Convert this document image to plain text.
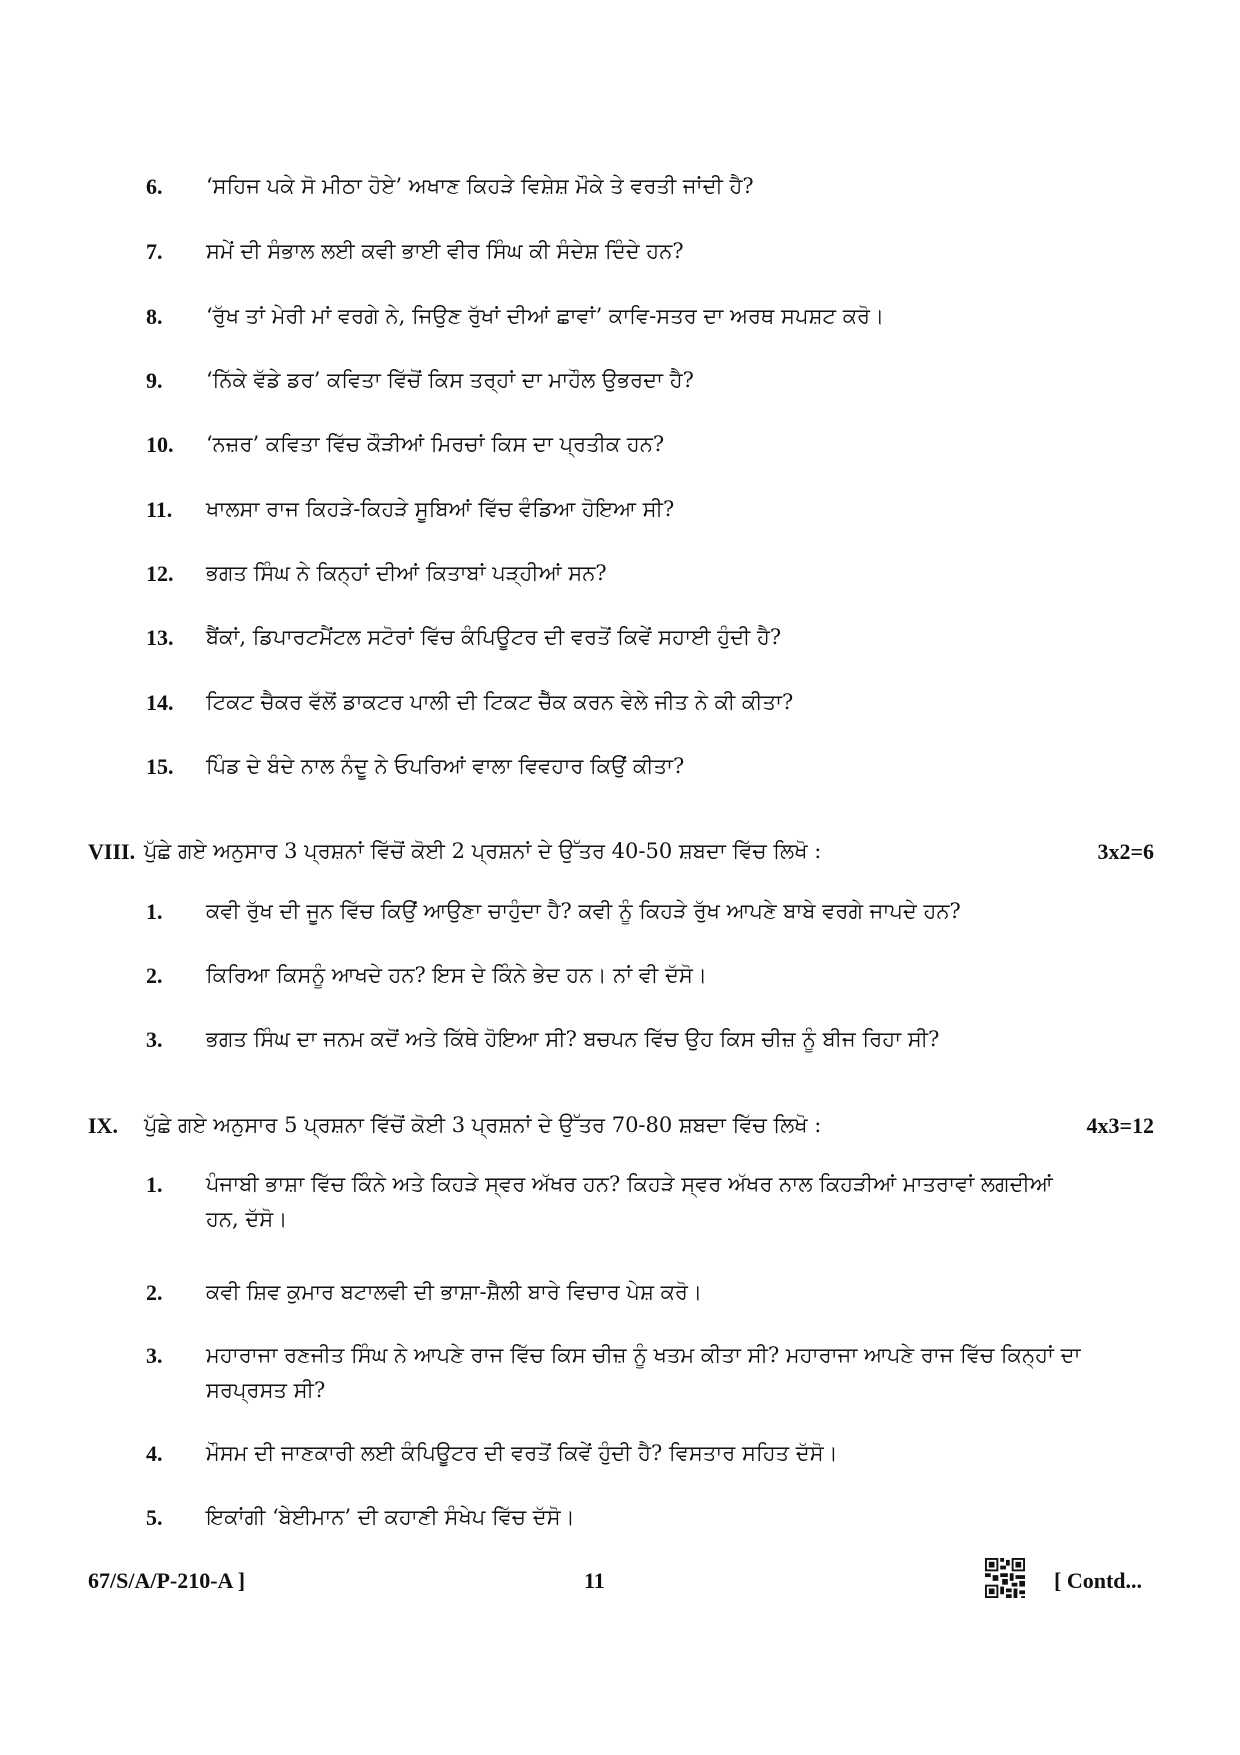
6. ‘ਸਹਿਜ ਪਕੇ ਸੋ ਮੀਠਾ ਹੋਏ’ ਅਖਾਣ ਕਿਹੜੇ ਵਿਸ਼ੇਸ਼ ਮੌਕੇ ਤੇ ਵਰਤੀ ਜਾਂਦੀ ਹੈ?
7. ਸਮੇਂ ਦੀ ਸੰਭਾਲ ਲਈ ਕਵੀ ਭਾਈ ਵੀਰ ਸਿੰਘ ਕੀ ਸੰਦੇਸ਼ ਦਿੰਦੇ ਹਨ?
8. ‘ਰੁੱਖ ਤਾਂ ਮੇਰੀ ਮਾਂ ਵਰਗੇ ਨੇ, ਜਿਉਣ ਰੁੱਖਾਂ ਦੀਆਂ ਛਾਵਾਂ’ ਕਾਵਿ-ਸਤਰ ਦਾ ਅਰਥ ਸਪਸ਼ਟ ਕਰੋ।
9. ‘ਨਿੱਕੇ ਵੱਡੇ ਡਰ’ ਕਵਿਤਾ ਵਿੱਚੋਂ ਕਿਸ ਤਰ੍ਹਾਂ ਦਾ ਮਾਹੌਲ ਉਭਰਦਾ ਹੈ?
10. ‘ਨਜ਼ਰ’ ਕਵਿਤਾ ਵਿੱਚ ਕੌੜੀਆਂ ਮਿਰਚਾਂ ਕਿਸ ਦਾ ਪ੍ਰਤੀਕ ਹਨ?
11. ਖਾਲਸਾ ਰਾਜ ਕਿਹੜੇ-ਕਿਹੜੇ ਸੂਬਿਆਂ ਵਿੱਚ ਵੰਡਿਆ ਹੋਇਆ ਸੀ?
12. ਭਗਤ ਸਿੰਘ ਨੇ ਕਿਨ੍ਹਾਂ ਦੀਆਂ ਕਿਤਾਬਾਂ ਪੜ੍ਹੀਆਂ ਸਨ?
13. ਬੈਂਕਾਂ, ਡਿਪਾਰਟਮੈਂਟਲ ਸਟੋਰਾਂ ਵਿੱਚ ਕੰਪਿਊਟਰ ਦੀ ਵਰਤੋਂ ਕਿਵੇਂ ਸਹਾਈ ਹੁੰਦੀ ਹੈ?
14. ਟਿਕਟ ਚੈਕਰ ਵੱਲੋਂ ਡਾਕਟਰ ਪਾਲੀ ਦੀ ਟਿਕਟ ਚੈੱਕ ਕਰਨ ਵੇਲੇ ਜੀਤ ਨੇ ਕੀ ਕੀਤਾ?
15. ਪਿੰਡ ਦੇ ਬੰਦੇ ਨਾਲ ਨੰਦੂ ਨੇ ਓਪਰਿਆਂ ਵਾਲਾ ਵਿਵਹਾਰ ਕਿਉਂ ਕੀਤਾ?
VIII. ਪੁੱਛੇ ਗਏ ਅਨੁਸਾਰ 3 ਪ੍ਰਸ਼ਨਾਂ ਵਿੱਚੋਂ ਕੋਈ 2 ਪ੍ਰਸ਼ਨਾਂ ਦੇ ਉੱਤਰ 40-50 ਸ਼ਬਦਾ ਵਿੱਚ ਲਿਖੋ :	3x2=6
1. ਕਵੀ ਰੁੱਖ ਦੀ ਜੂਨ ਵਿੱਚ ਕਿਉਂ ਆਉਣਾ ਚਾਹੁੰਦਾ ਹੈ? ਕਵੀ ਨੂੰ ਕਿਹੜੇ ਰੁੱਖ ਆਪਣੇ ਬਾਬੇ ਵਰਗੇ ਜਾਪਦੇ ਹਨ?
2. ਕਿਰਿਆ ਕਿਸਨੂੰ ਆਖਦੇ ਹਨ? ਇਸ ਦੇ ਕਿੰਨੇ ਭੇਦ ਹਨ। ਨਾਂ ਵੀ ਦੱਸੋ।
3. ਭਗਤ ਸਿੰਘ ਦਾ ਜਨਮ ਕਦੋਂ ਅਤੇ ਕਿੱਥੇ ਹੋਇਆ ਸੀ? ਬਚਪਨ ਵਿੱਚ ਉਹ ਕਿਸ ਚੀਜ਼ ਨੂੰ ਬੀਜ ਰਿਹਾ ਸੀ?
IX. ਪੁੱਛੇ ਗਏ ਅਨੁਸਾਰ 5 ਪ੍ਰਸ਼ਨਾ ਵਿੱਚੋਂ ਕੋਈ 3 ਪ੍ਰਸ਼ਨਾਂ ਦੇ ਉੱਤਰ 70-80 ਸ਼ਬਦਾ ਵਿੱਚ ਲਿਖੋ :	4x3=12
1. ਪੰਜਾਬੀ ਭਾਸ਼ਾ ਵਿੱਚ ਕਿੰਨੇ ਅਤੇ ਕਿਹੜੇ ਸ੍ਵਰ ਅੱਖਰ ਹਨ? ਕਿਹੜੇ ਸ੍ਵਰ ਅੱਖਰ ਨਾਲ ਕਿਹੜੀਆਂ ਮਾਤਰਾਵਾਂ ਲਗਦੀਆਂ ਹਨ, ਦੱਸੋ।
2. ਕਵੀ ਸ਼ਿਵ ਕੁਮਾਰ ਬਟਾਲਵੀ ਦੀ ਭਾਸ਼ਾ-ਸ਼ੈਲੀ ਬਾਰੇ ਵਿਚਾਰ ਪੇਸ਼ ਕਰੋ।
3. ਮਹਾਰਾਜਾ ਰਣਜੀਤ ਸਿੰਘ ਨੇ ਆਪਣੇ ਰਾਜ ਵਿੱਚ ਕਿਸ ਚੀਜ਼ ਨੂੰ ਖਤਮ ਕੀਤਾ ਸੀ? ਮਹਾਰਾਜਾ ਆਪਣੇ ਰਾਜ ਵਿੱਚ ਕਿਨ੍ਹਾਂ ਦਾ ਸਰਪ੍ਰਸਤ ਸੀ?
4. ਮੌਸਮ ਦੀ ਜਾਣਕਾਰੀ ਲਈ ਕੰਪਿਊਟਰ ਦੀ ਵਰਤੋਂ ਕਿਵੇਂ ਹੁੰਦੀ ਹੈ? ਵਿਸਤਾਰ ਸਹਿਤ ਦੱਸੋ।
5. ਇਕਾਂਗੀ ‘ਬੇਈਮਾਨ’ ਦੀ ਕਹਾਣੀ ਸੰਖੇਪ ਵਿੱਚ ਦੱਸੋ।
67/S/A/P-210-A ]	11	[ Contd...
